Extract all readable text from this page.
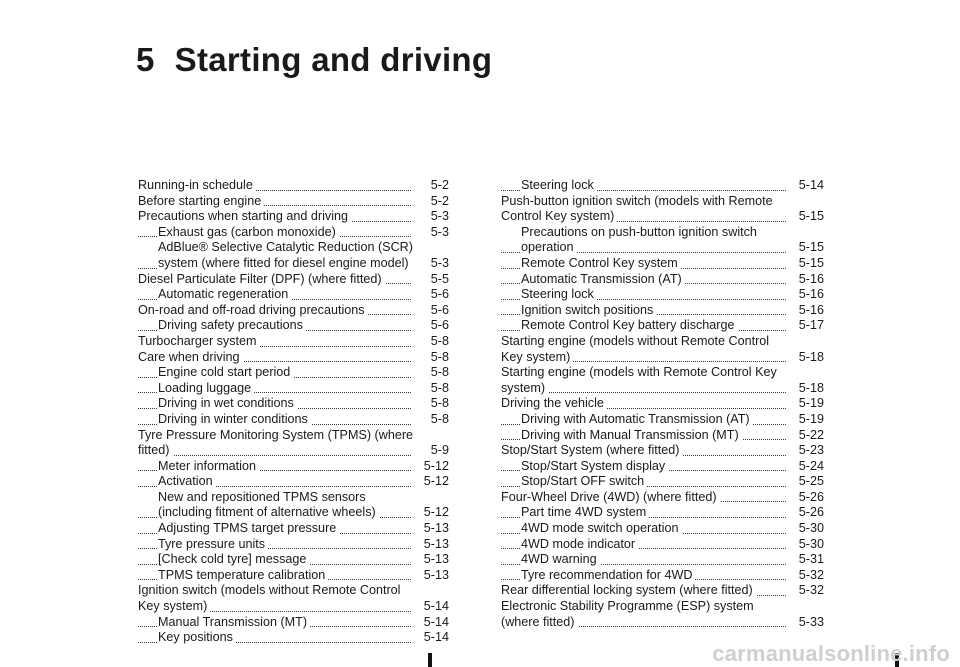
5 Starting and driving
Running-in schedule	5-2
Before starting engine	5-2
Precautions when starting and driving	5-3
Exhaust gas (carbon monoxide)	5-3
AdBlue® Selective Catalytic Reduction (SCR)
system (where fitted for diesel engine model)	5-3
Diesel Particulate Filter (DPF) (where fitted)	5-5
Automatic regeneration	5-6
On-road and off-road driving precautions	5-6
Driving safety precautions	5-6
Turbocharger system	5-8
Care when driving	5-8
Engine cold start period	5-8
Loading luggage	5-8
Driving in wet conditions	5-8
Driving in winter conditions	5-8
Tyre Pressure Monitoring System (TPMS) (where
fitted)	5-9
Meter information	5-12
Activation	5-12
New and repositioned TPMS sensors
(including fitment of alternative wheels)	5-12
Adjusting TPMS target pressure	5-13
Tyre pressure units	5-13
[Check cold tyre] message	5-13
TPMS temperature calibration	5-13
Ignition switch (models without Remote Control
Key system)	5-14
Manual Transmission (MT)	5-14
Key positions	5-14
Steering lock	5-14
Push-button ignition switch (models with Remote
Control Key system)	5-15
Precautions on push-button ignition switch
operation	5-15
Remote Control Key system	5-15
Automatic Transmission (AT)	5-16
Steering lock	5-16
Ignition switch positions	5-16
Remote Control Key battery discharge	5-17
Starting engine (models without Remote Control
Key system)	5-18
Starting engine (models with Remote Control Key
system)	5-18
Driving the vehicle	5-19
Driving with Automatic Transmission (AT)	5-19
Driving with Manual Transmission (MT)	5-22
Stop/Start System (where fitted)	5-23
Stop/Start System display	5-24
Stop/Start OFF switch	5-25
Four-Wheel Drive (4WD) (where fitted)	5-26
Part time 4WD system	5-26
4WD mode switch operation	5-30
4WD mode indicator	5-30
4WD warning	5-31
Tyre recommendation for 4WD	5-32
Rear differential locking system (where fitted)	5-32
Electronic Stability Programme (ESP) system
(where fitted)	5-33
carmanualsonline.info
